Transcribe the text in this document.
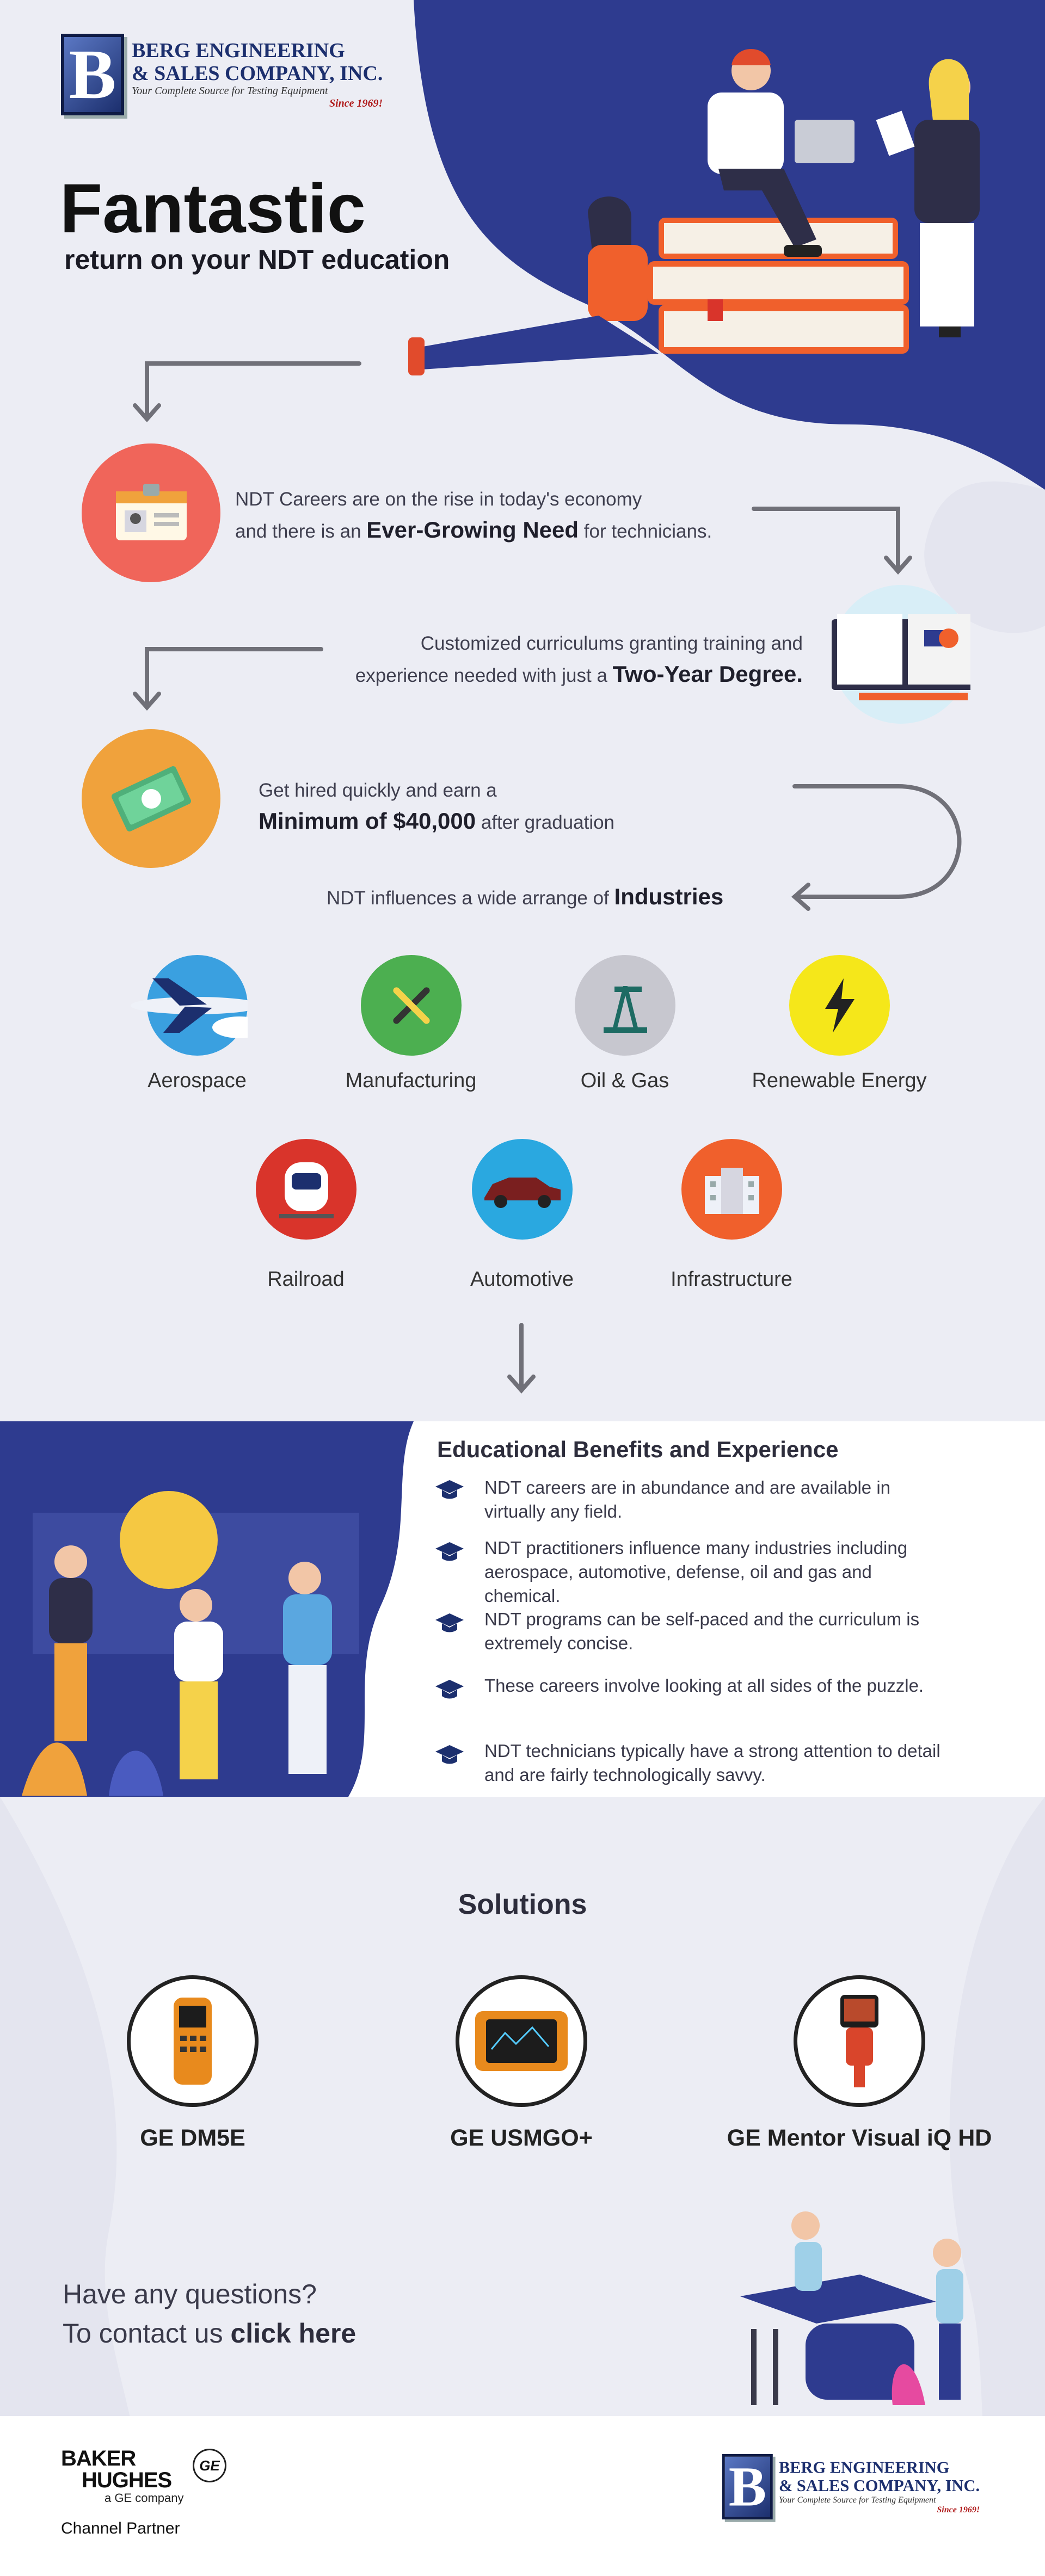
B BERG ENGINEERING
& SALES COMPANY, INC.
Your Complete Source for Testing Equipment
Since 1969!
Fantastic
return on your NDT education
NDT Careers are on the rise in today's economy
and there is an Ever-Growing Need for technicians.
Customized curriculums granting training and
experience needed with just a Two-Year Degree.
Get hired quickly and earn a
Minimum of $40,000 after graduation
NDT influences a wide arrange of Industries
Aerospace	Manufacturing	Oil & Gas	Renewable Energy
Railroad	Automotive	Infrastructure
Educational Benefits and Experience
NDT careers are in abundance and are available in virtually any field.
NDT practitioners influence many industries including aerospace, automotive, defense, oil and gas and chemical.
NDT programs can be self-paced and the curriculum is extremely concise.
These careers involve looking at all sides of the puzzle.
NDT technicians typically have a strong attention to detail and are fairly technologically savvy.
Solutions
GE DM5E	GE USMGO+	GE Mentor Visual iQ HD
Have any questions?
To contact us click here
BAKER
HUGHES
a GE company
GE
Channel Partner
B BERG ENGINEERING
& SALES COMPANY, INC.
Your Complete Source for Testing Equipment
Since 1969!
